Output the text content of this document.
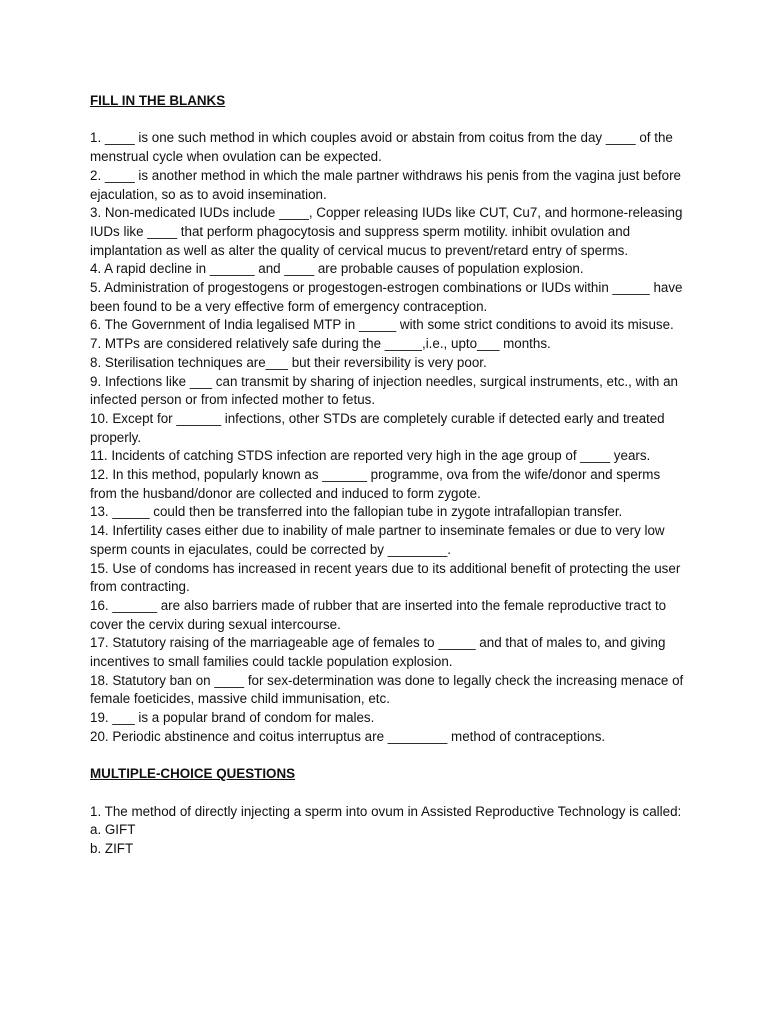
FILL IN THE BLANKS
1. ____ is one such method in which couples avoid or abstain from coitus from the day ____ of the menstrual cycle when ovulation can be expected.
2. ____ is another method in which the male partner withdraws his penis from the vagina just before ejaculation, so as to avoid insemination.
3. Non-medicated IUDs include ____, Copper releasing IUDs like CUT, Cu7, and hormone-releasing IUDs like ____ that perform phagocytosis and suppress sperm motility. inhibit ovulation and implantation as well as alter the quality of cervical mucus to prevent/retard entry of sperms.
4. A rapid decline in ______ and ____ are probable causes of population explosion.
5. Administration of progestogens or progestogen-estrogen combinations or IUDs within _____ have been found to be a very effective form of emergency contraception.
6. The Government of India legalised MTP in _____ with some strict conditions to avoid its misuse.
7. MTPs are considered relatively safe during the _____,i.e., upto___ months.
8. Sterilisation techniques are___ but their reversibility is very poor.
9. Infections like ___ can transmit by sharing of injection needles, surgical instruments, etc., with an infected person or from infected mother to fetus.
10. Except for ______ infections, other STDs are completely curable if detected early and treated properly.
11. Incidents of catching STDS infection are reported very high in the age group of ____ years.
12. In this method, popularly known as ______ programme, ova from the wife/donor and sperms from the husband/donor are collected and induced to form zygote.
13. _____ could then be transferred into the fallopian tube in zygote intrafallopian transfer.
14. Infertility cases either due to inability of male partner to inseminate females or due to very low sperm counts in ejaculates, could be corrected by ________.
15. Use of condoms has increased in recent years due to its additional benefit of protecting the user from contracting.
16. ______ are also barriers made of rubber that are inserted into the female reproductive tract to cover the cervix during sexual intercourse.
17. Statutory raising of the marriageable age of females to _____ and that of males to, and giving incentives to small families could tackle population explosion.
18. Statutory ban on ____ for sex-determination was done to legally check the increasing menace of female foeticides, massive child immunisation, etc.
19. ___ is a popular brand of condom for males.
20. Periodic abstinence and coitus interruptus are ________ method of contraceptions.
MULTIPLE-CHOICE QUESTIONS

1. The method of directly injecting a sperm into ovum in Assisted Reproductive Technology is called:

a. GIFT

b. ZIFT
